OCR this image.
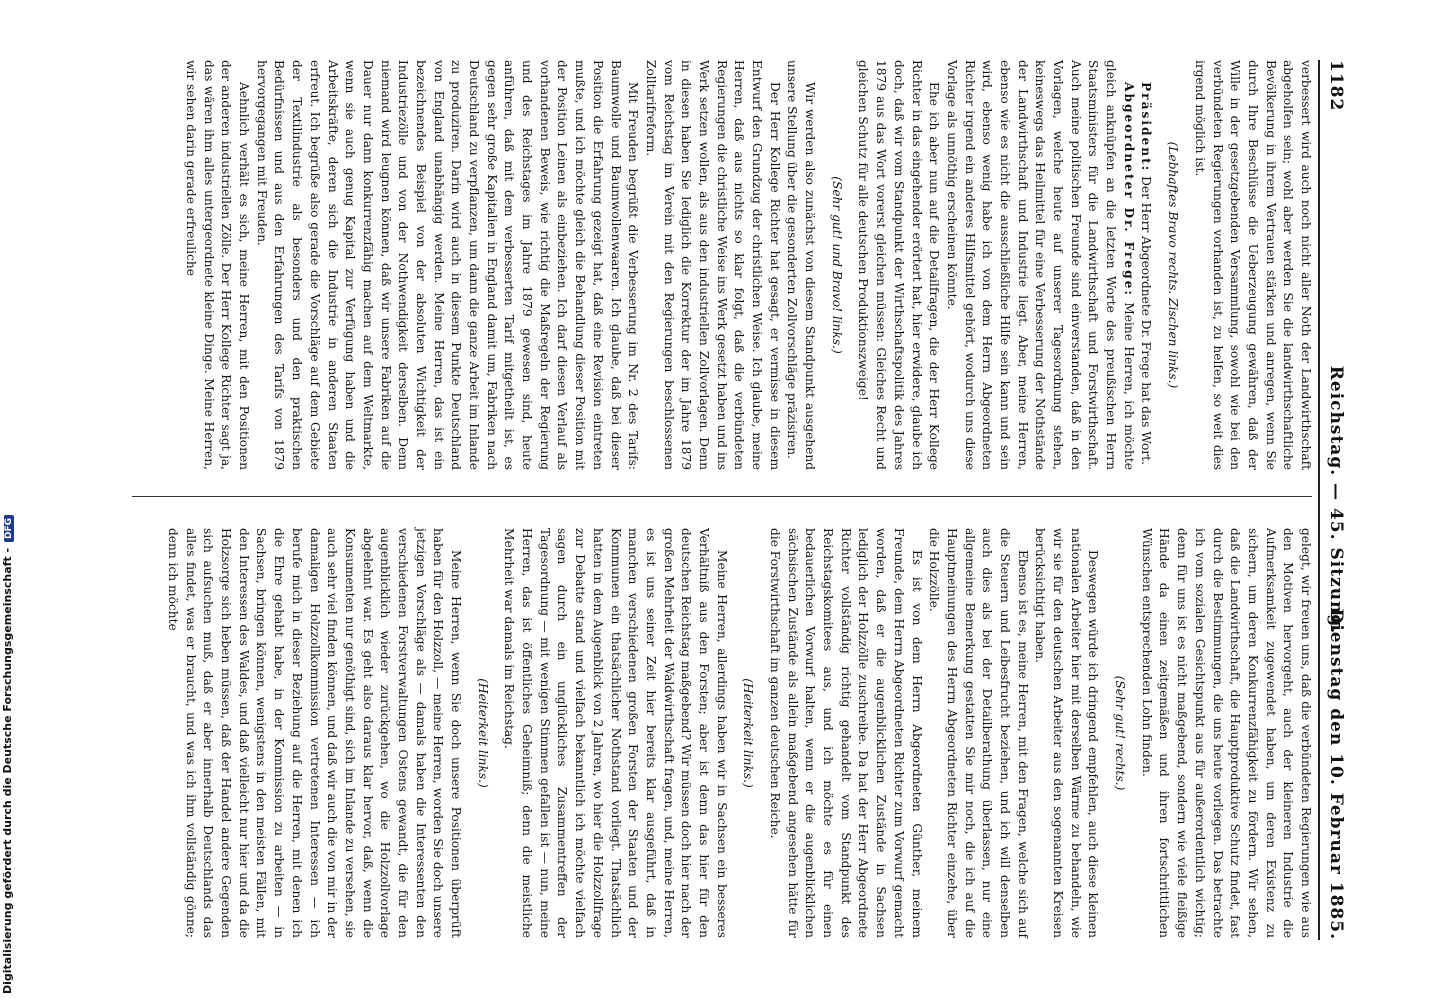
Digitalisierung gefördert durch die Deutsche Forschungsgemeinschaft -DFG
1182
Reichstag. — 45. Sitzung.
Dienstag den 10. Februar 1885.

verbessert wird auch noch nicht aller Noth der Landwirthschaft abgeholfen sein; wohl aber werden Sie die landwirthschaftliche Bevölkerung in ihrem Vertrauen stärken und anregen, wenn Sie durch Ihre Beschlüsse die Ueberzeugung gewähren, daß der Wille in der gesetzgebenden Versammlung, sowohl wie bei den verbündeten Regierungen vorhanden ist, zu helfen, so weit dies irgend möglich ist.

(Lebhaftes Bravo rechts. Zischen links.)

Präsident: Der Herr Abgeordnete Dr. Frege hat das Wort.

Abgeordneter Dr. Frege: Meine Herren, ich möchte gleich anknüpfen an die letzten Worte des preußischen Herrn Staatsministers für die Landwirthschaft und Forstwirthschaft. Auch meine politischen Freunde sind einverstanden, daß in den Vorlagen, welche heute auf unserer Tagesordnung stehen, keineswegs das Heilmittel für eine Verbesserung der Nothstände der Landwirthschaft und Industrie liegt. Aber, meine Herren, ebenso wie es nicht die ausschließliche Hilfe sein kann und sein wird, ebenso wenig habe ich von dem Herrn Abgeordneten Richter irgend ein anderes Hilfsmittel gehört, wodurch uns diese Vorlage als unnöthig erscheinen könnte.

Ehe ich aber nun auf die Detailfragen, die der Herr Kollege Richter in das eingehender erörtert hat, hier erwidere, glaube ich doch, daß wir vom Standpunkt der Wirthschaftspolitik des Jahres 1879 aus das Wort vorerst gleichen müssen: Gleiches Recht und gleichen Schutz für alle deutschen Produktionszweige!

(Sehr gut! und Bravo! links.)

Wir werden also zunächst von diesem Standpunkt ausgehend unsere Stellung über die gesonderten Zollvorschläge präzisiren.

Der Herr Kollege Richter hat gesagt, er vermisse in diesem Entwurf den Grundzug der christlichen Weise. Ich glaube, meine Herren, daß aus nichts so klar folgt, daß die verbündeten Regierungen die christliche Weise ins Werk gesetzt haben und ins Werk setzen wollen, als aus den industriellen Zollvorlagen. Denn in diesen haben Sie lediglich die Korrektur der im Jahre 1879 vom Reichstag im Verein mit den Regierungen beschlossenen Zolltarifreform.

Mit Freuden begrüßt die Verbesserung im Nr. 2 des Tarifs: Baumwolle und Baumwollenwaaren. Ich glaube, daß bei dieser Position die Erfahrung gezeigt hat, daß eine Revision eintreten mußte, und ich möchte gleich die Behandlung dieser Position mit der Position Leinen als einbeziehen. Ich darf diesen Verlauf als vorhandenen Beweis, wie richtig die Maßregeln der Regierung und des Reichstages im Jahre 1879 gewesen sind, heute anführen, daß mit dem verbesserten Tarif mitgetheilt ist, es gegen sehr große Kapitalien in England damit um, Fabriken nach Deutschland zu verpflanzen, um dann die ganze Arbeit im Inlande zu produziren. Darin wird auch in diesem Punkte Deutschland von England unabhängig werden. Meine Herren, das ist ein bezeichnendes Beispiel von der absoluten Wichtigkeit der Industriezölle und von der Nothwendigkeit derselben. Denn niemand wird leugnen können, daß wir unsere Fabriken auf die Dauer nur dann konkurrenzfähig machen auf dem Weltmarkte, wenn sie auch genug Kapital zur Verfügung haben und die Arbeitskräfte, deren sich die Industrie in anderen Staaten erfreut. Ich begrüße also gerade die Vorschläge auf dem Gebiete der Textilindustrie als besonders und den praktischen Bedürfnissen und aus den Erfahrungen des Tarifs von 1879 hervorgegangen mit Freuden.

Aehnlich verhält es sich, meine Herren, mit den Positionen der anderen industriellen Zölle. Der Herr Kollege Richter sagt ja, das wären ihm alles untergeordnete kleine Dinge. Meine Herren, wir sehen darin gerade erfreuliche

gelegt, wir freuen uns, daß die verbündeten Regierungen wie aus den Motiven hervorgeht, auch der kleineren Industrie die Aufmerksamkeit zugewendet haben, um deren Existenz zu sichern, um deren Konkurrenzfähigkeit zu fördern. Wir sehen, daß die Landwirthschaft, die Hauptproduktive Schutz findet, fast durch die Bestimmungen, die uns heute vorliegen. Das betrachte ich vom sozialen Gesichtspunkt aus für außerordentlich wichtig; denn für uns ist es nicht maßgebend, sondern wie viele fleißige Hände da einen zeitgemäßen und ihren fortschrittlichen Wünschen entsprechenden Lohn finden.

(Sehr gut! rechts.)

Deswegen würde ich dringend empfehlen, auch diese kleinen nationalen Arbeiter hier mit derselben Wärme zu behandeln, wie wir sie für den deutschen Arbeiter aus den sogenannten Kreisen berücksichtigt haben.

Ebenso ist es, meine Herren, mit den Fragen, welche sich auf die Steuern und Leibesfrucht beziehen, und ich will denselben auch dies als bei der Detailberathung überlassen, nur eine allgemeine Bemerkung gestatten Sie mir noch, die ich auf die Hauptmeinungen des Herrn Abgeordneten Richter einzehe, über die Holzzölle.

Es ist von dem Herrn Abgeordneten Günther, meinem Freunde, dem Herrn Abgeordneten Richter zum Vorwurf gemacht worden, daß er die augenblicklichen Zustände in Sachsen lediglich der Holzzölle zuschreibe. Da hat der Herr Abgeordnete Richter vollständig richtig gehandelt vom Standpunkt des Reichstagskomitees aus, und ich möchte es für einen bedauerlichen Vorwurf halten, wenn er die augenblicklichen sächsischen Zustände als allein maßgebend angesehen hätte für die Forstwirthschaft im ganzen deutschen Reiche.

(Heiterkeit links.)

Meine Herren, allerdings haben wir in Sachsen ein besseres Verhältniß aus den Forsten; aber ist denn das hier für den deutschen Reichstag maßgebend? Wir müssen doch hier nach der großen Mehrheit der Waldwirthschaft fragen, und, meine Herren, es ist uns seiner Zeit hier bereits klar ausgeführt, daß in manchen verschiedenen großen Forsten der Staaten und der Kommunen ein thatsächlicher Nothstand vorliegt. Thatsächlich hatten in dem Augenblick von 2 Jahren, wo hier die Holzzollfrage zur Debatte stand und vielfach bekanntlich ich möchte vielfach sagen durch ein unglückliches Zusammentreffen der Tagesordnung — mit wenigen Stimmen gefallen ist — nun, meine Herren, das ist öffentliches Geheimniß; denn die meistliche Mehrheit war damals im Reichstag.

(Heiterkeit links.)

Meine Herren, wenn Sie doch unsere Positionen überprüft haben für den Holzzoll, — meine Herren, worden Sie doch unsere jetzigen Vorschläge als — damals haben die Interessenten den verschiedenen Forstverwaltungen Ostens gewandt, die für den augenblicklich wieder zurückgehen, wo die Holzzollvorlage abgelehnt war. Es geht also daraus klar hervor, daß, wenn die Konsumenten nur genöthigt sind, sich im Inlande zu versehen, sie auch sehr viel finden können, und daß wir auch die von mir in der damaligen Holzzollkommission vertretenen Interessen — ich berufe mich in dieser Beziehung auf die Herren, mit denen ich die Ehre gehabt habe, in der Kommission zu arbeiten — in Sachsen, bringen können, wenigstens in den meisten Fällen, mit den Interessen des Waldes, und daß vielleicht nur hier und da die Holzsorge sich heben müssen, daß der Handel andere Gegenden sich aufsuchen muß, daß er aber innerhalb Deutschlands das alles findet, was er braucht, und was ich ihm vollständig gönne; denn ich möchte
